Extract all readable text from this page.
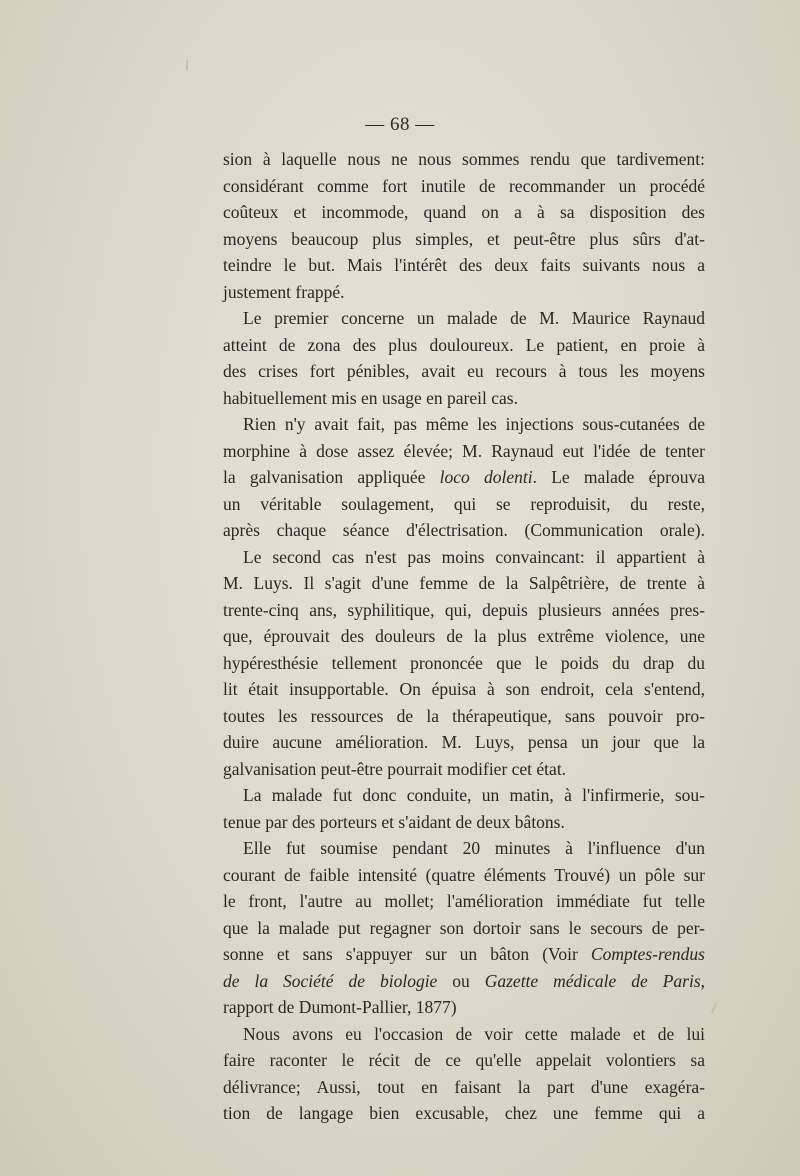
— 68 —
sion à laquelle nous ne nous sommes rendu que tardivement:
considérant comme fort inutile de recommander un procédé
coûteux et incommode, quand on a à sa disposition des
moyens beaucoup plus simples, et peut-être plus sûrs d'at-
teindre le but. Mais l'intérêt des deux faits suivants nous a
justement frappé.
Le premier concerne un malade de M. Maurice Raynaud
atteint de zona des plus douloureux. Le patient, en proie à
des crises fort pénibles, avait eu recours à tous les moyens
habituellement mis en usage en pareil cas.
Rien n'y avait fait, pas même les injections sous-cutanées de
morphine à dose assez élevée; M. Raynaud eut l'idée de tenter
la galvanisation appliquée loco dolenti. Le malade éprouva
un véritable soulagement, qui se reproduisit, du reste,
après chaque séance d'électrisation. (Communication orale).
Le second cas n'est pas moins convaincant: il appartient à
M. Luys. Il s'agit d'une femme de la Salpêtrière, de trente à
trente-cinq ans, syphilitique, qui, depuis plusieurs années pres-
que, éprouvait des douleurs de la plus extrême violence, une
hypéresthésie tellement prononcée que le poids du drap du
lit était insupportable. On épuisa à son endroit, cela s'entend,
toutes les ressources de la thérapeutique, sans pouvoir pro-
duire aucune amélioration. M. Luys, pensa un jour que la
galvanisation peut-être pourrait modifier cet état.
La malade fut donc conduite, un matin, à l'infirmerie, sou-
tenue par des porteurs et s'aidant de deux bâtons.
Elle fut soumise pendant 20 minutes à l'influence d'un
courant de faible intensité (quatre éléments Trouvé) un pôle sur
le front, l'autre au mollet; l'amélioration immédiate fut telle
que la malade put regagner son dortoir sans le secours de per-
sonne et sans s'appuyer sur un bâton (Voir Comptes-rendus
de la Société de biologie ou Gazette médicale de Paris,
rapport de Dumont-Pallier, 1877)
Nous avons eu l'occasion de voir cette malade et de lui
faire raconter le récit de ce qu'elle appelait volontiers sa
délivrance; Aussi, tout en faisant la part d'une exagéra-
tion de langage bien excusable, chez une femme qui a
